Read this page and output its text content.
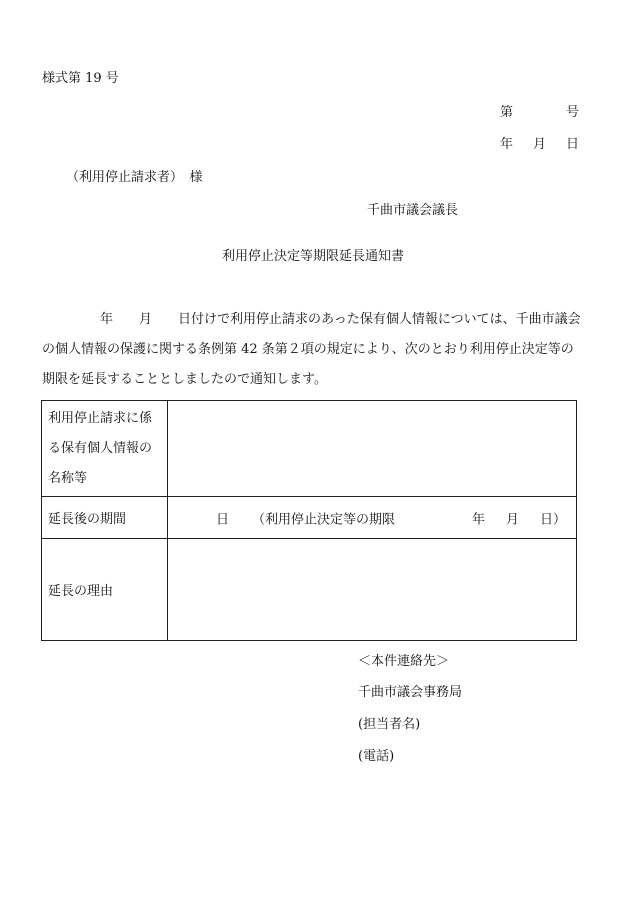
様式第 19 号
第	号
年 月 日
（利用停止請求者）　様
千曲市議会議長
利用停止決定等期限延長通知書

年　　月　　日付けで利用停止請求のあった保有個人情報については、千曲市議会
の個人情報の保護に関する条例第 42 条第２項の規定により、次のとおり利用停止決定等の
期限を延長することとしましたので通知します。

利用停止請求に係
る保有個人情報の
名称等	

延長後の期間	日 （利用停止決定等の期限 年 月 日）

延長の理由	
＜本件連絡先＞
千曲市議会事務局
(担当者名)
(電話)
